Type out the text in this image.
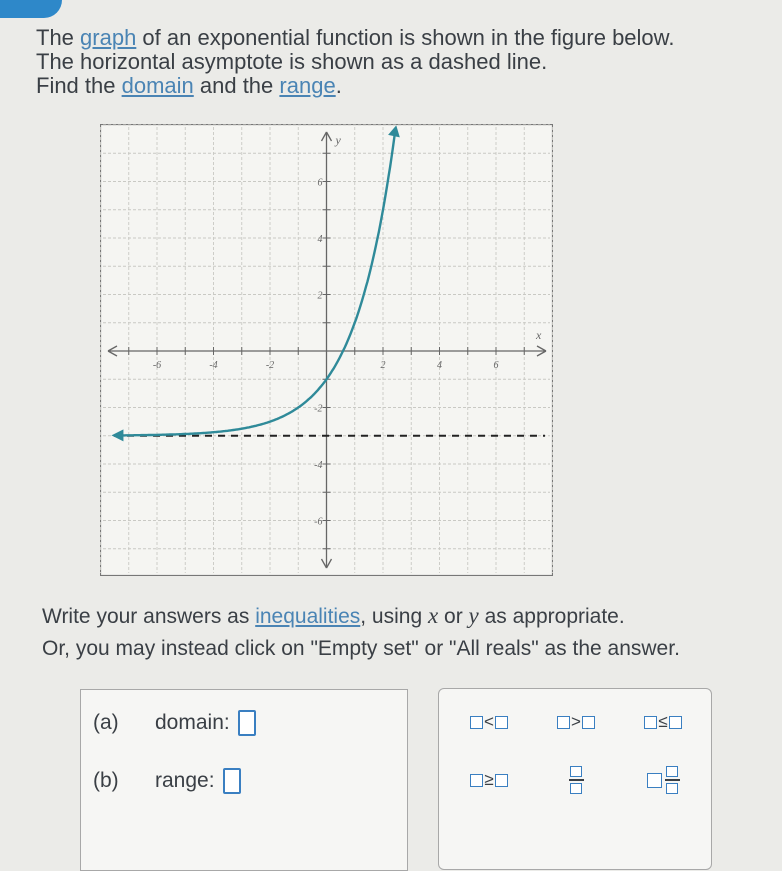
The graph of an exponential function is shown in the figure below.
The horizontal asymptote is shown as a dashed line.
Find the domain and the range.
-6	-4	-2	2	4	6
6
4
2
-2
-4
-6
x
y
Write your answers as inequalities, using x or y as appropriate.
Or, you may instead click on "Empty set" or "All reals" as the answer.
(a)	domain:
(b)	range:
<	>	≤
≥
